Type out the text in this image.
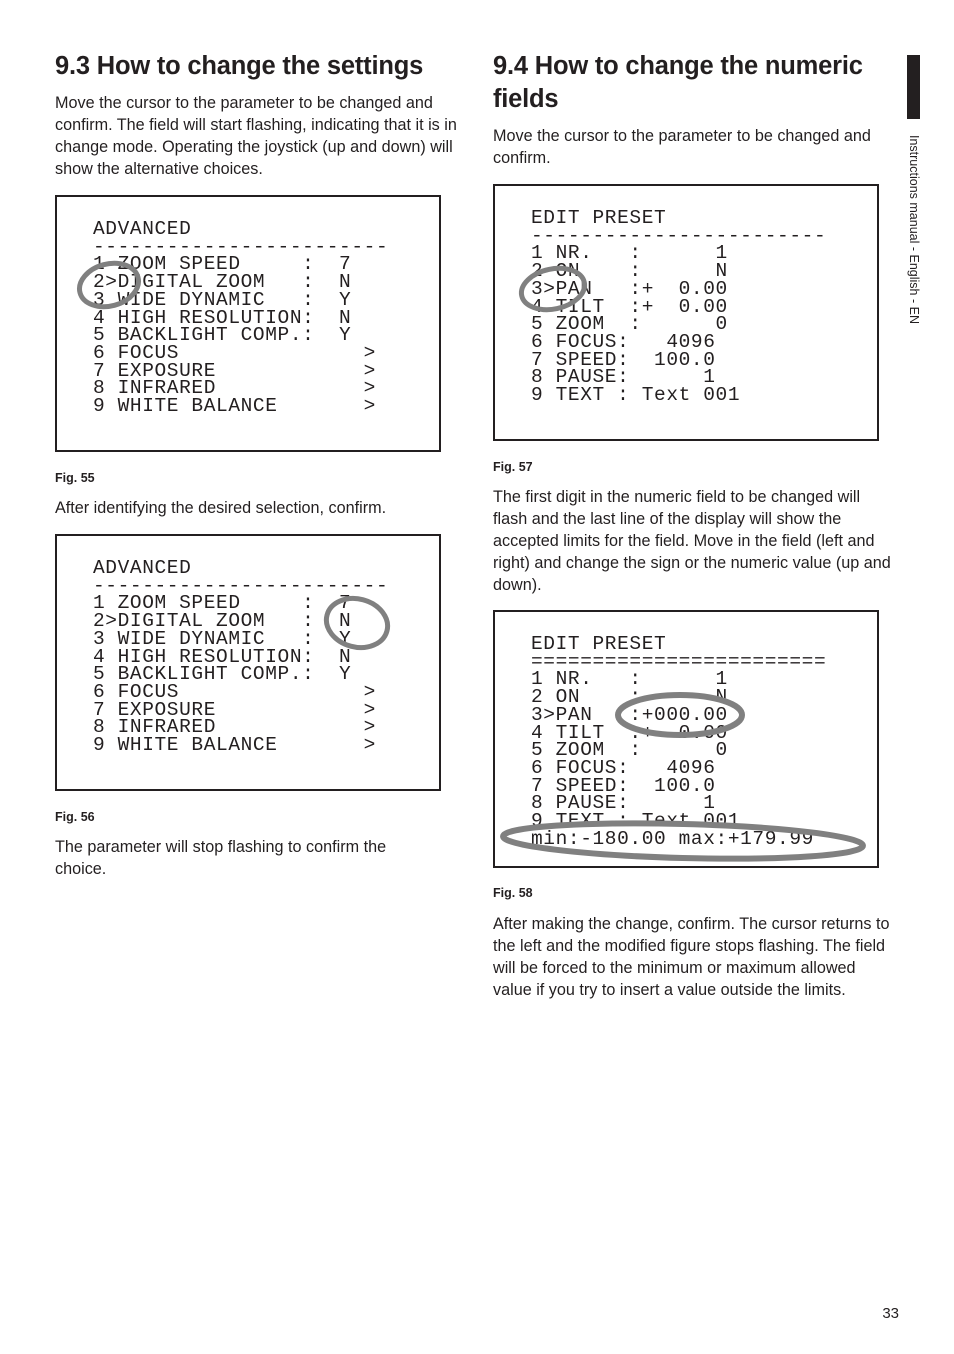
9.3 How to change the settings

Move the cursor to the parameter to be changed and confirm. The field will start flashing, indicating that it is in change mode. Operating the joystick (up and down) will show the alternative choices.

ADVANCED
------------------------
1 ZOOM SPEED     :  7
2>DIGITAL ZOOM   :  N
3 WIDE DYNAMIC   :  Y
4 HIGH RESOLUTION:  N
5 BACKLIGHT COMP.:  Y
6 FOCUS               >
7 EXPOSURE            >
8 INFRARED            >
9 WHITE BALANCE       >
Fig. 55

After identifying the desired selection, confirm.

ADVANCED
------------------------
1 ZOOM SPEED     :  7
2>DIGITAL ZOOM   :  N
3 WIDE DYNAMIC   :  Y
4 HIGH RESOLUTION:  N
5 BACKLIGHT COMP.:  Y
6 FOCUS               >
7 EXPOSURE            >
8 INFRARED            >
9 WHITE BALANCE       >
Fig. 56

The parameter will stop flashing to confirm the choice.

9.4 How to change the numeric fields

Move the cursor to the parameter to be changed and confirm.

EDIT PRESET
------------------------
1 NR.   :      1
2 ON    :      N
3>PAN   :+  0.00
4 TILT  :+  0.00
5 ZOOM  :      0
6 FOCUS:   4096
7 SPEED:  100.0
8 PAUSE:      1
9 TEXT : Text 001
Fig. 57

The first digit in the numeric field to be changed will flash and the last line of the display will show the accepted limits for the field. Move in the field (left and right) and change the sign or the numeric value (up and down).

EDIT PRESET
========================
1 NR.   :      1
2 ON    :      N
3>PAN   :+000.00
4 TILT  :+  0.00
5 ZOOM  :      0
6 FOCUS:   4096
7 SPEED:  100.0
8 PAUSE:      1
9 TEXT : Text 001
min:-180.00 max:+179.99
Fig. 58

After making the change, confirm. The cursor returns to the left and the modified figure stops flashing. The field will be forced to the minimum or maximum allowed value if you try to insert a value outside the limits.

Instructions manual - English - EN
33
